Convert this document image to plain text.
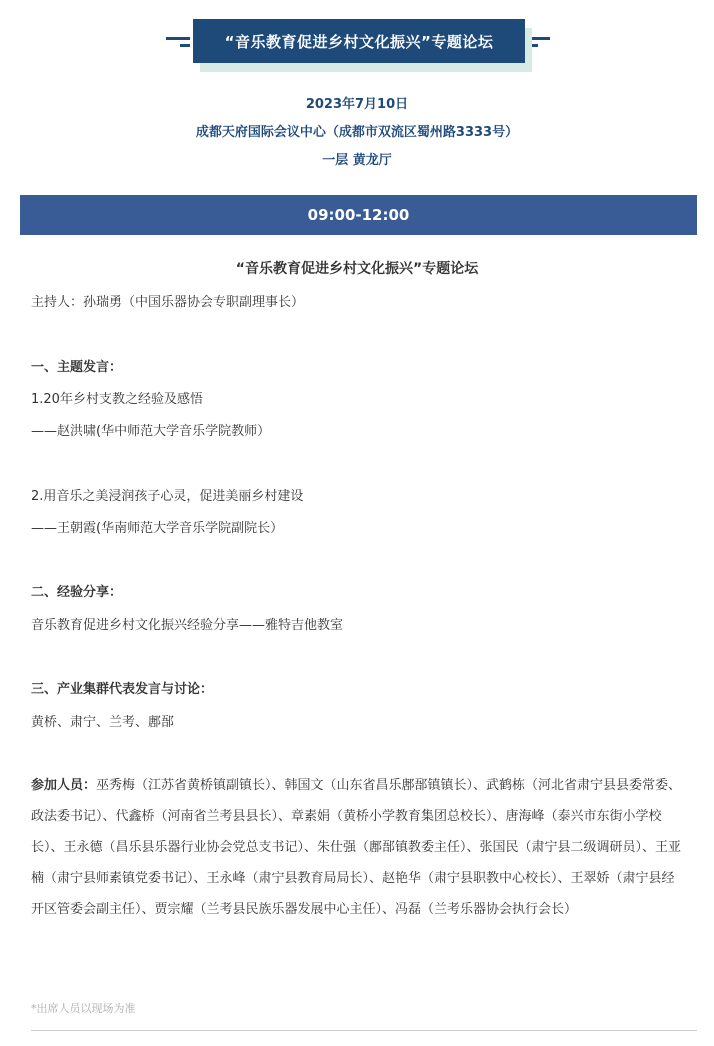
“音乐教育促进乡村文化振兴”专题论坛
2023年7月10日
成都天府国际会议中心（成都市双流区蜀州路3333号）
一层 黄龙厅
09:00-12:00
“音乐教育促进乡村文化振兴”专题论坛
主持人：孙瑞勇（中国乐器协会专职副理事长）
一、主题发言：
1.20年乡村支教之经验及感悟
——赵洪啸(华中师范大学音乐学院教师）
2.用音乐之美浸润孩子心灵，促进美丽乡村建设
——王朝霞(华南师范大学音乐学院副院长）
二、经验分享：
音乐教育促进乡村文化振兴经验分享——雅特吉他教室
三、产业集群代表发言与讨论：
黄桥、肃宁、兰考、鄌郚
参加人员：巫秀梅（江苏省黄桥镇副镇长）、韩国文（山东省昌乐鄌郚镇镇长）、武鹤栋（河北省肃宁县县委常委、政法委书记）、代鑫桥（河南省兰考县县长）、章素娟（黄桥小学教育集团总校长）、唐海峰（泰兴市东街小学校长）、王永德（昌乐县乐器行业协会党总支书记）、朱仕强（鄌郚镇教委主任）、张国民（肃宁县二级调研员）、王亚楠（肃宁县师素镇党委书记）、王永峰（肃宁县教育局局长）、赵艳华（肃宁县职教中心校长）、王翠娇（肃宁县经开区管委会副主任）、贾宗耀（兰考县民族乐器发展中心主任）、冯磊（兰考乐器协会执行会长）
*出席人员以现场为准
